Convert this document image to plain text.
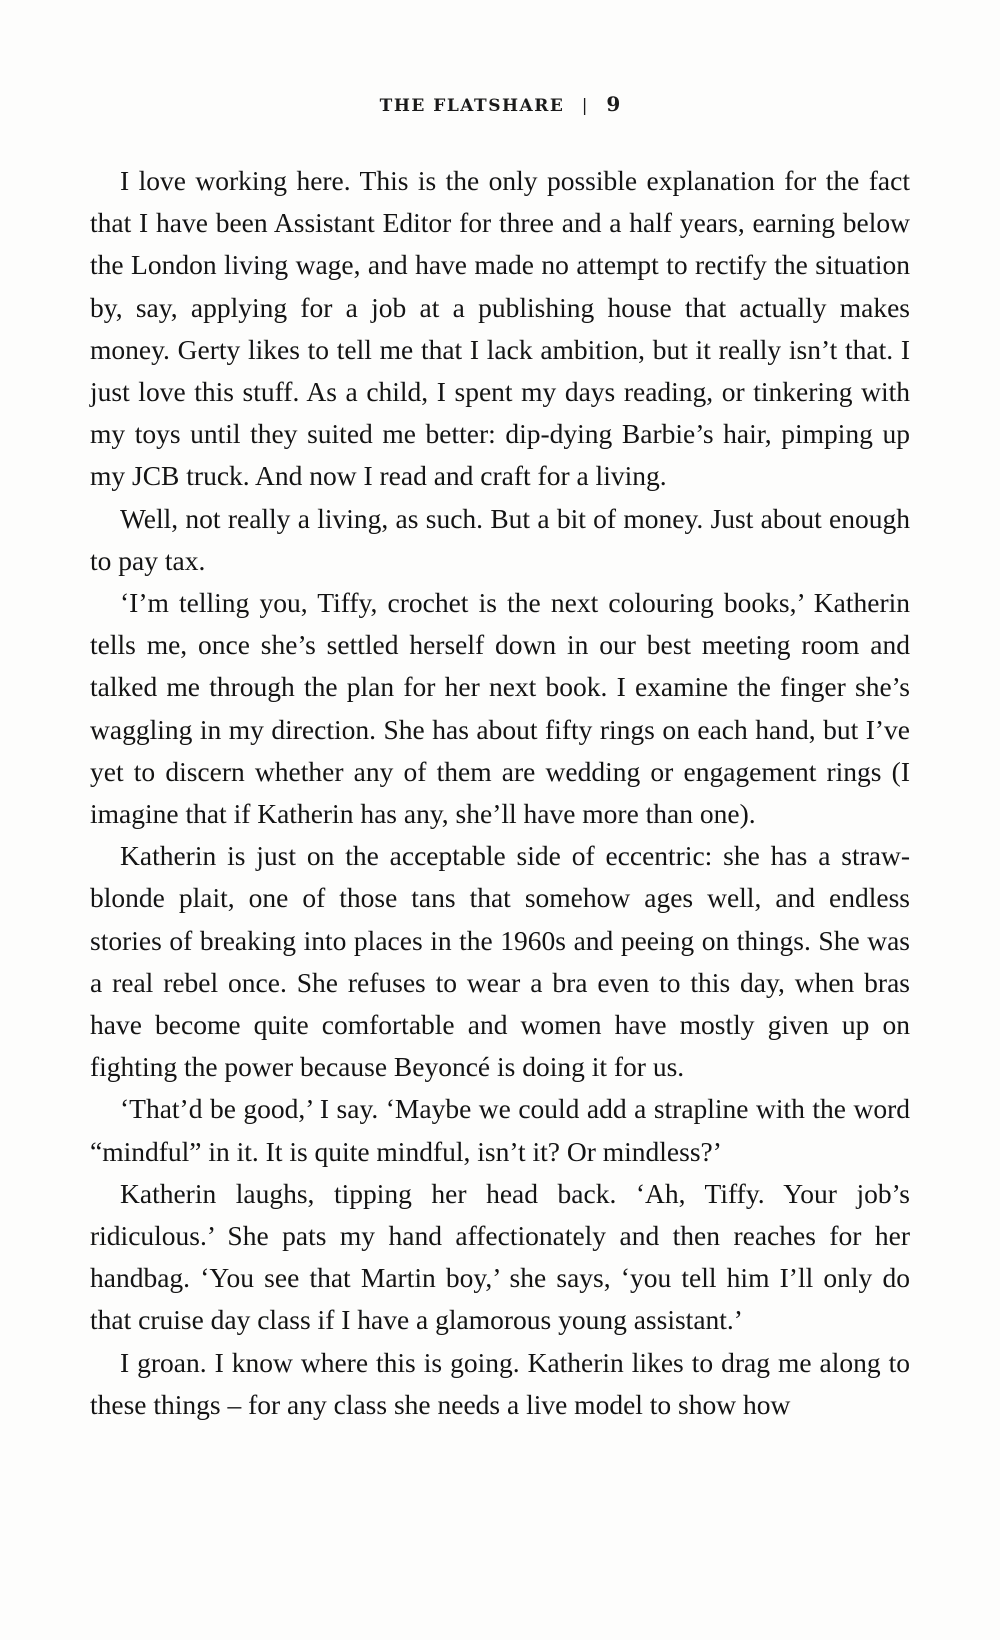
THE FLATSHARE | 9

I love working here. This is the only possible explanation for the fact that I have been Assistant Editor for three and a half years, earning below the London living wage, and have made no attempt to rectify the situation by, say, applying for a job at a publishing house that actually makes money. Gerty likes to tell me that I lack ambition, but it really isn’t that. I just love this stuff. As a child, I spent my days reading, or tinkering with my toys until they suited me better: dip-dying Barbie’s hair, pimping up my JCB truck. And now I read and craft for a living.

Well, not really a living, as such. But a bit of money. Just about enough to pay tax.

‘I’m telling you, Tiffy, crochet is the next colouring books,’ Katherin tells me, once she’s settled herself down in our best meeting room and talked me through the plan for her next book. I examine the finger she’s waggling in my direction. She has about fifty rings on each hand, but I’ve yet to discern whether any of them are wedding or engagement rings (I imagine that if Katherin has any, she’ll have more than one).

Katherin is just on the acceptable side of eccentric: she has a straw-blonde plait, one of those tans that somehow ages well, and endless stories of breaking into places in the 1960s and peeing on things. She was a real rebel once. She refuses to wear a bra even to this day, when bras have become quite comfortable and women have mostly given up on fighting the power because Beyoncé is doing it for us.

‘That’d be good,’ I say. ‘Maybe we could add a strapline with the word “mindful” in it. It is quite mindful, isn’t it? Or mindless?’

Katherin laughs, tipping her head back. ‘Ah, Tiffy. Your job’s ridiculous.’ She pats my hand affectionately and then reaches for her handbag. ‘You see that Martin boy,’ she says, ‘you tell him I’ll only do that cruise day class if I have a glamorous young assistant.’

I groan. I know where this is going. Katherin likes to drag me along to these things – for any class she needs a live model to show how
